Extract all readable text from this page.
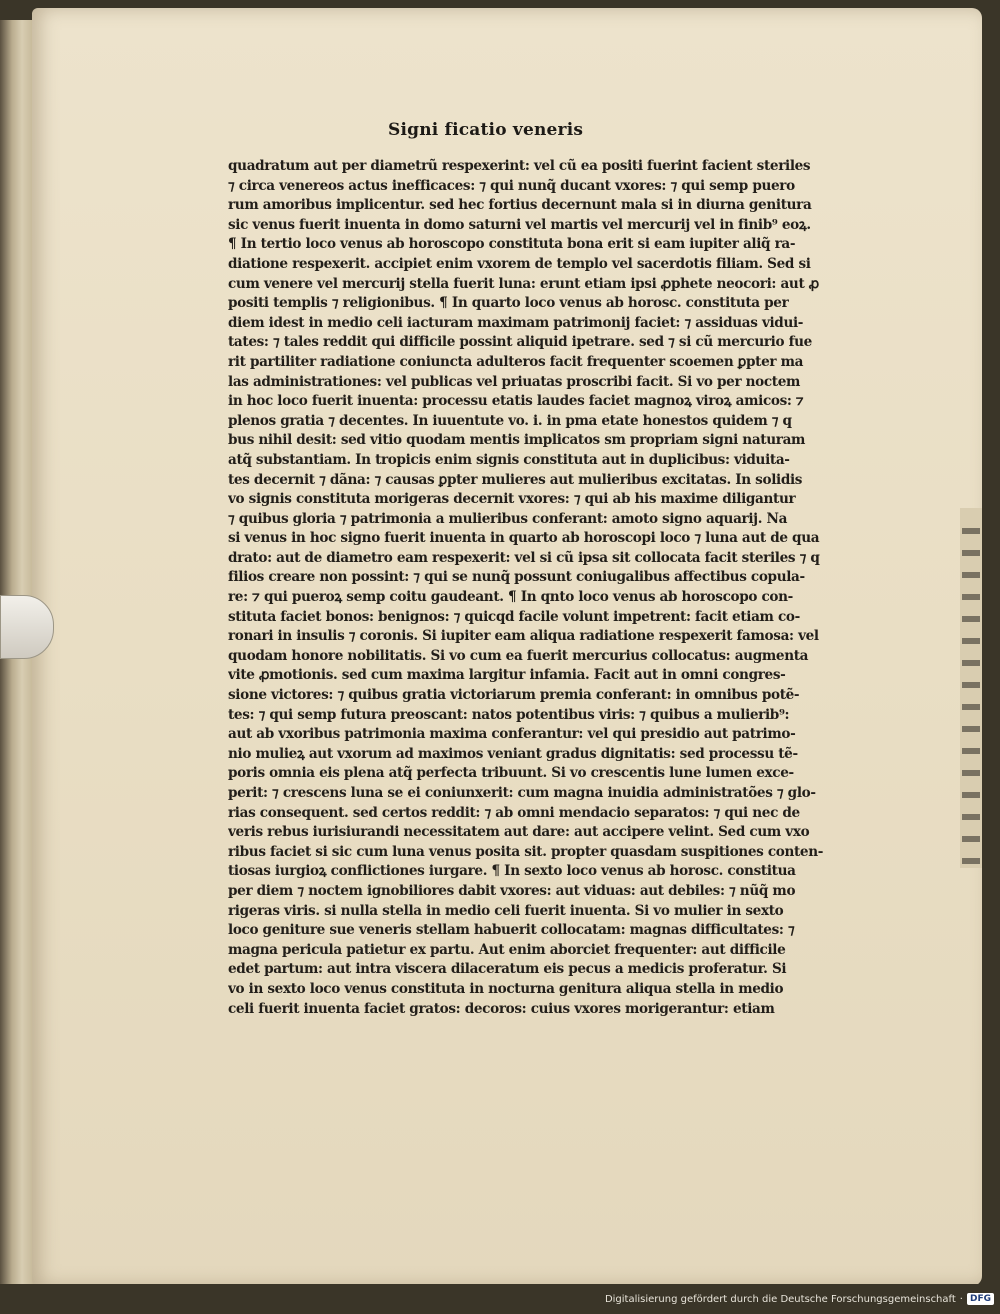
Signi ficatio veneris
quadratum aut per diametrũ respexerint: vel cũ ea positi fuerint facient steriles
⁊ circa venereos actus inefficaces: ⁊ qui nunq̃ ducant vxores: ⁊ qui semp puero
rum amoribus implicentur. sed hec fortius decernunt mala si in diurna genitura
sic venus fuerit inuenta in domo saturni vel martis vel mercurij vel in finib⁹ eoꝝ.
¶ In tertio loco venus ab horoscopo constituta bona erit si eam iupiter aliq̃ ra-
diatione respexerit. accipiet enim vxorem de templo vel sacerdotis filiam. Sed si
cum venere vel mercurij stella fuerit luna: erunt etiam ipsi ꝓphete neocori: aut ꝓ
positi templis ⁊ religionibus. ¶ In quarto loco venus ab horosc. constituta per
diem idest in medio celi iacturam maximam patrimonij faciet: ⁊ assiduas vidui-
tates: ⁊ tales reddit qui difficile possint aliquid ipetrare. sed ⁊ si cũ mercurio fue
rit partiliter radiatione coniuncta adulteros facit frequenter scoemen ꝑpter ma
las administrationes: vel publicas vel priuatas proscribi facit. Si vo per noctem
in hoc loco fuerit inuenta: processu etatis laudes faciet magnoꝝ viroꝝ amicos: ⁊
plenos gratia ⁊ decentes. In iuuentute vo. i. in pma etate honestos quidem ⁊ q
bus nihil desit: sed vitio quodam mentis implicatos sm propriam signi naturam
atq̃ substantiam. In tropicis enim signis constituta aut in duplicibus: viduita-
tes decernit ⁊ dãna: ⁊ causas ꝑpter mulieres aut mulieribus excitatas. In solidis
vo signis constituta morigeras decernit vxores: ⁊ qui ab his maxime diligantur
⁊ quibus gloria ⁊ patrimonia a mulieribus conferant: amoto signo aquarij. Na
si venus in hoc signo fuerit inuenta in quarto ab horoscopi loco ⁊ luna aut de qua
drato: aut de diametro eam respexerit: vel si cũ ipsa sit collocata facit steriles ⁊ q
filios creare non possint: ⁊ qui se nunq̃ possunt coniugalibus affectibus copula-
re: ⁊ qui pueroꝝ semp coitu gaudeant. ¶ In qnto loco venus ab horoscopo con-
stituta faciet bonos: benignos: ⁊ quicqd facile volunt impetrent: facit etiam co-
ronari in insulis ⁊ coronis. Si iupiter eam aliqua radiatione respexerit famosa: vel
quodam honore nobilitatis. Si vo cum ea fuerit mercurius collocatus: augmenta
vite ꝓmotionis. sed cum maxima largitur infamia. Facit aut in omni congres-
sione victores: ⁊ quibus gratia victoriarum premia conferant: in omnibus potẽ-
tes: ⁊ qui semp futura preoscant: natos potentibus viris: ⁊ quibus a mulierib⁹:
aut ab vxoribus patrimonia maxima conferantur: vel qui presidio aut patrimo-
nio mulieꝝ aut vxorum ad maximos veniant gradus dignitatis: sed processu tẽ-
poris omnia eis plena atq̃ perfecta tribuunt. Si vo crescentis lune lumen exce-
perit: ⁊ crescens luna se ei coniunxerit: cum magna inuidia administratões ⁊ glo-
rias consequent. sed certos reddit: ⁊ ab omni mendacio separatos: ⁊ qui nec de
veris rebus iurisiurandi necessitatem aut dare: aut accipere velint. Sed cum vxo
ribus faciet si sic cum luna venus posita sit. propter quasdam suspitiones conten-
tiosas iurgioꝝ conflictiones iurgare. ¶ In sexto loco venus ab horosc. constitua
per diem ⁊ noctem ignobiliores dabit vxores: aut viduas: aut debiles: ⁊ nũq̃ mo
rigeras viris. si nulla stella in medio celi fuerit inuenta. Si vo mulier in sexto
loco geniture sue veneris stellam habuerit collocatam: magnas difficultates: ⁊
magna pericula patietur ex partu. Aut enim aborciet frequenter: aut difficile
edet partum: aut intra viscera dilaceratum eis pecus a medicis proferatur. Si
vo in sexto loco venus constituta in nocturna genitura aliqua stella in medio
celi fuerit inuenta faciet gratos: decoros: cuius vxores morigerantur: etiam
Digitalisierung gefördert durch die Deutsche Forschungsgemeinschaft · DFG
